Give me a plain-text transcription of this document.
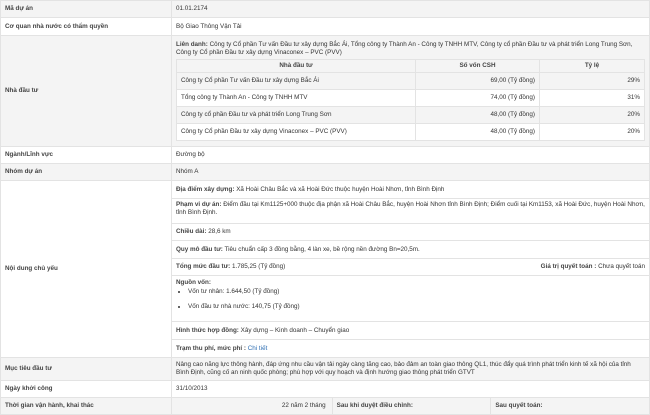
Mã dự án	01.01.2174
Cơ quan nhà nước có thẩm quyền	Bộ Giao Thông Vận Tải
Nhà đầu tư	
Liên danh: Công ty Cổ phần Tư vấn Đầu tư xây dựng Bắc Ái, Tổng công ty Thành An - Công ty TNHH MTV, Công ty cổ phần Đầu tư và phát triển Long Trung Sơn, Công ty Cổ phần Đầu tư xây dựng Vinaconex – PVC (PVV)
Nhà đầu tư	Số vốn CSH	Tỷ lệ
Công ty Cổ phần Tư vấn Đầu tư xây dựng Bắc Ái	69,00 (Tỷ đồng)	29%
Tổng công ty Thành An - Công ty TNHH MTV	74,00 (Tỷ đồng)	31%
Công ty cổ phần Đầu tư và phát triển Long Trung Sơn	48,00 (Tỷ đồng)	20%
Công ty Cổ phần Đầu tư xây dựng Vinaconex – PVC (PVV)	48,00 (Tỷ đồng)	20%

Ngành/Lĩnh vực	Đường bộ
Nhóm dự án	Nhóm A
Nội dung chủ yếu	
Địa điểm xây dựng: Xã Hoài Châu Bắc và xã Hoài Đức thuộc huyện Hoài Nhơn, tỉnh Bình Định
Phạm vi dự án: Điểm đầu tại Km1125+000 thuộc địa phận xã Hoài Châu Bắc, huyện Hoài Nhơn tỉnh Bình Định; Điểm cuối tại Km1153, xã Hoài Đức, huyện Hoài Nhơn, tỉnh Bình Định.
Chiều dài: 28,6 km
Quy mô đầu tư: Tiêu chuẩn cấp 3 đồng bằng, 4 làn xe, bề rộng nền đường Bn=20,5m.
Tổng mức đầu tư: 1.785,25 (Tỷ đồng)	Giá trị quyết toán : Chưa quyết toán
Nguồn vốn:
• Vốn tư nhân: 1.644,50 (Tỷ đồng)
• Vốn đầu tư nhà nước: 140,75 (Tỷ đồng)
Hình thức hợp đồng: Xây dựng – Kinh doanh – Chuyển giao
Trạm thu phí, mức phí : Chi tiết

Mục tiêu đầu tư	Nâng cao năng lực thông hành, đáp ứng nhu cầu vận tải ngày càng tăng cao, bảo đảm an toàn giao thông QL1, thúc đẩy quá trình phát triển kinh tế xã hội của tỉnh Bình Định, cũng cố an ninh quốc phòng; phù hợp với quy hoạch và định hướng giao thông phát triển GTVT
Ngày khởi công	31/10/2013
Thời gian vận hành, khai thác	22 năm 2 tháng	Sau khi duyệt điều chỉnh:	Sau quyết toán:
